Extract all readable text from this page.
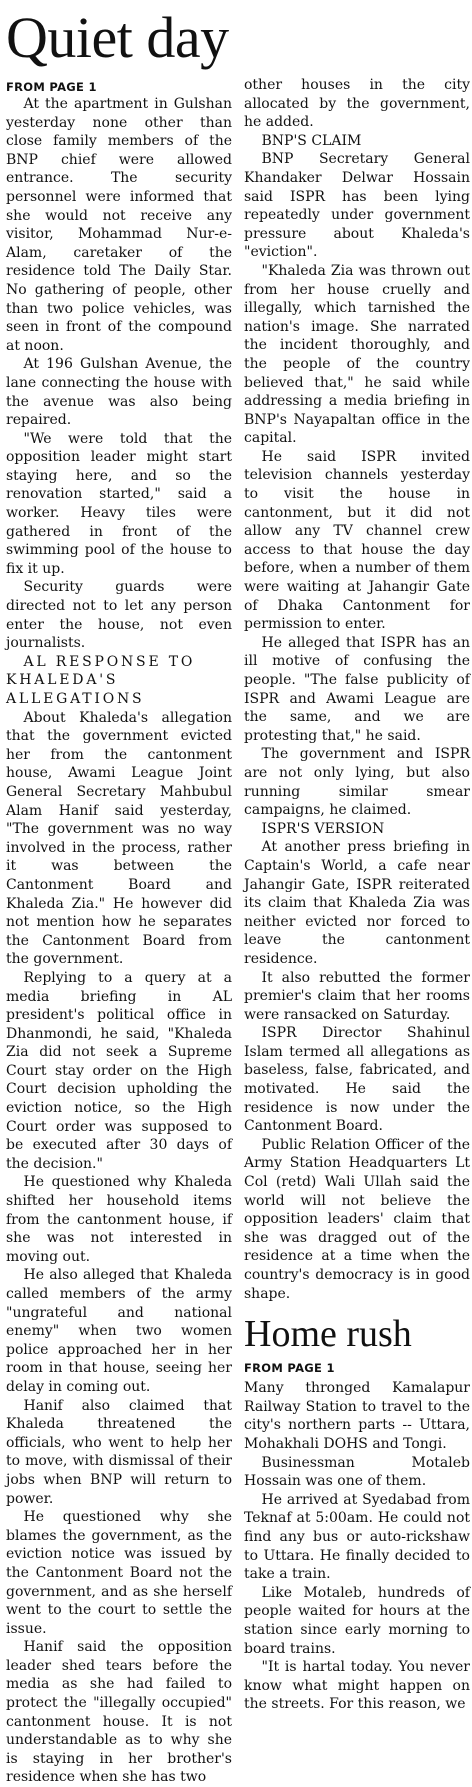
Quiet day
FROM PAGE 1

At the apartment in Gulshan yesterday none other than close family members of the BNP chief were allowed entrance. The security personnel were informed that she would not receive any visitor, Mohammad Nur-e-Alam, caretaker of the residence told The Daily Star. No gathering of people, other than two police vehicles, was seen in front of the compound at noon.

At 196 Gulshan Avenue, the lane connecting the house with the avenue was also being repaired.

"We were told that the opposition leader might start staying here, and so the renovation started," said a worker. Heavy tiles were gathered in front of the swimming pool of the house to fix it up.

Security guards were directed not to let any person enter the house, not even journalists.

AL RESPONSE TO KHALEDA'S ALLEGATIONS

About Khaleda's allegation that the government evicted her from the cantonment house, Awami League Joint General Secretary Mahbubul Alam Hanif said yesterday, "The government was no way involved in the process, rather it was between the Cantonment Board and Khaleda Zia." He however did not mention how he separates the Cantonment Board from the government.

Replying to a query at a media briefing in AL president's political office in Dhanmondi, he said, "Khaleda Zia did not seek a Supreme Court stay order on the High Court decision upholding the eviction notice, so the High Court order was supposed to be executed after 30 days of the decision."

He questioned why Khaleda shifted her household items from the cantonment house, if she was not interested in moving out.

He also alleged that Khaleda called members of the army "ungrateful and national enemy" when two women police approached her in her room in that house, seeing her delay in coming out.

Hanif also claimed that Khaleda threatened the officials, who went to help her to move, with dismissal of their jobs when BNP will return to power.

He questioned why she blames the government, as the eviction notice was issued by the Cantonment Board not the government, and as she herself went to the court to settle the issue.

Hanif said the opposition leader shed tears before the media as she had failed to protect the "illegally occupied" cantonment house. It is not understandable as to why she is staying in her brother's residence when she has two

other houses in the city allocated by the government, he added.

BNP'S CLAIM

BNP Secretary General Khandaker Delwar Hossain said ISPR has been lying repeatedly under government pressure about Khaleda's "eviction".

"Khaleda Zia was thrown out from her house cruelly and illegally, which tarnished the nation's image. She narrated the incident thoroughly, and the people of the country believed that," he said while addressing a media briefing in BNP's Nayapaltan office in the capital.

He said ISPR invited television channels yesterday to visit the house in cantonment, but it did not allow any TV channel crew access to that house the day before, when a number of them were waiting at Jahangir Gate of Dhaka Cantonment for permission to enter.

He alleged that ISPR has an ill motive of confusing the people. "The false publicity of ISPR and Awami League are the same, and we are protesting that," he said.

The government and ISPR are not only lying, but also running similar smear campaigns, he claimed.

ISPR'S VERSION

At another press briefing in Captain's World, a cafe near Jahangir Gate, ISPR reiterated its claim that Khaleda Zia was neither evicted nor forced to leave the cantonment residence.

It also rebutted the former premier's claim that her rooms were ransacked on Saturday.

ISPR Director Shahinul Islam termed all allegations as baseless, false, fabricated, and motivated. He said the residence is now under the Cantonment Board.

Public Relation Officer of the Army Station Headquarters Lt Col (retd) Wali Ullah said the world will not believe the opposition leaders' claim that she was dragged out of the residence at a time when the country's democracy is in good shape.

Home rush
FROM PAGE 1

Many thronged Kamalapur Railway Station to travel to the city's northern parts -- Uttara, Mohakhali DOHS and Tongi.

Businessman Motaleb Hossain was one of them.

He arrived at Syedabad from Teknaf at 5:00am. He could not find any bus or auto-rickshaw to Uttara. He finally decided to take a train.

Like Motaleb, hundreds of people waited for hours at the station since early morning to board trains.

"It is hartal today. You never know what might happen on the streets. For this reason, we
